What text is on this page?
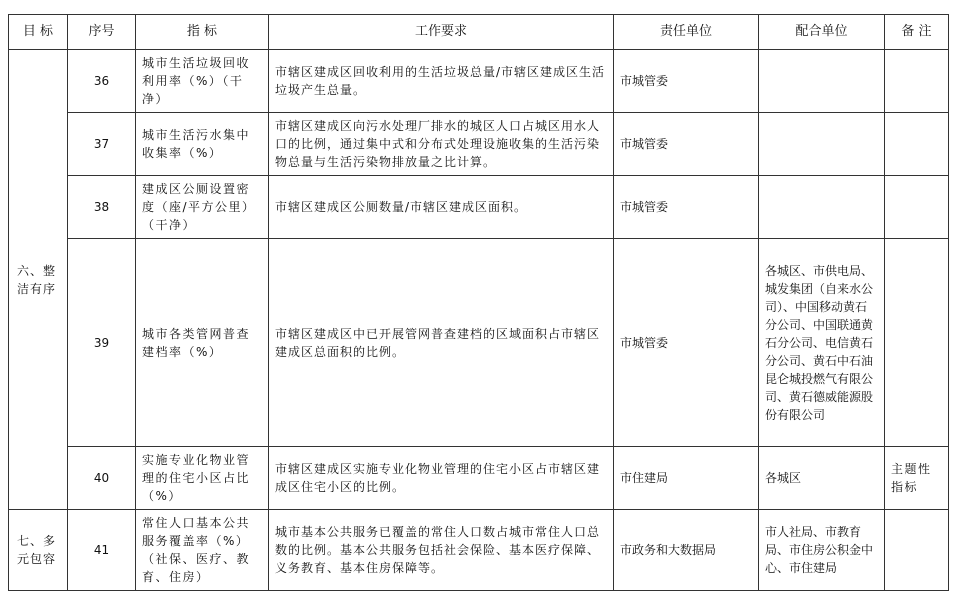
目 标	序号	指 标	工作要求	责任单位	配合单位	备 注
六、整洁有序	36	城市生活垃圾回收利用率（%）（干净）	市辖区建成区回收利用的生活垃圾总量/市辖区建成区生活垃圾产生总量。	市城管委		
	37	城市生活污水集中收集率（%）	市辖区建成区向污水处理厂排水的城区人口占城区用水人口的比例，通过集中式和分布式处理设施收集的生活污染物总量与生活污染物排放量之比计算。	市城管委		
	38	建成区公厕设置密度（座/平方公里）（干净）	市辖区建成区公厕数量/市辖区建成区面积。	市城管委		
	39	城市各类管网普查建档率（%）	市辖区建成区中已开展管网普查建档的区域面积占市辖区建成区总面积的比例。	市城管委	各城区、市供电局、城发集团（自来水公司）、中国移动黄石分公司、中国联通黄石分公司、电信黄石分公司、黄石中石油昆仑城投燃气有限公司、黄石德威能源股份有限公司	
	40	实施专业化物业管理的住宅小区占比（%）	市辖区建成区实施专业化物业管理的住宅小区占市辖区建成区住宅小区的比例。	市住建局	各城区	主题性指标
七、多元包容	41	常住人口基本公共服务覆盖率（%）（社保、医疗、教育、住房）	城市基本公共服务已覆盖的常住人口数占城市常住人口总数的比例。基本公共服务包括社会保险、基本医疗保障、义务教育、基本住房保障等。	市政务和大数据局	市人社局、市教育局、市住房公积金中心、市住建局	
